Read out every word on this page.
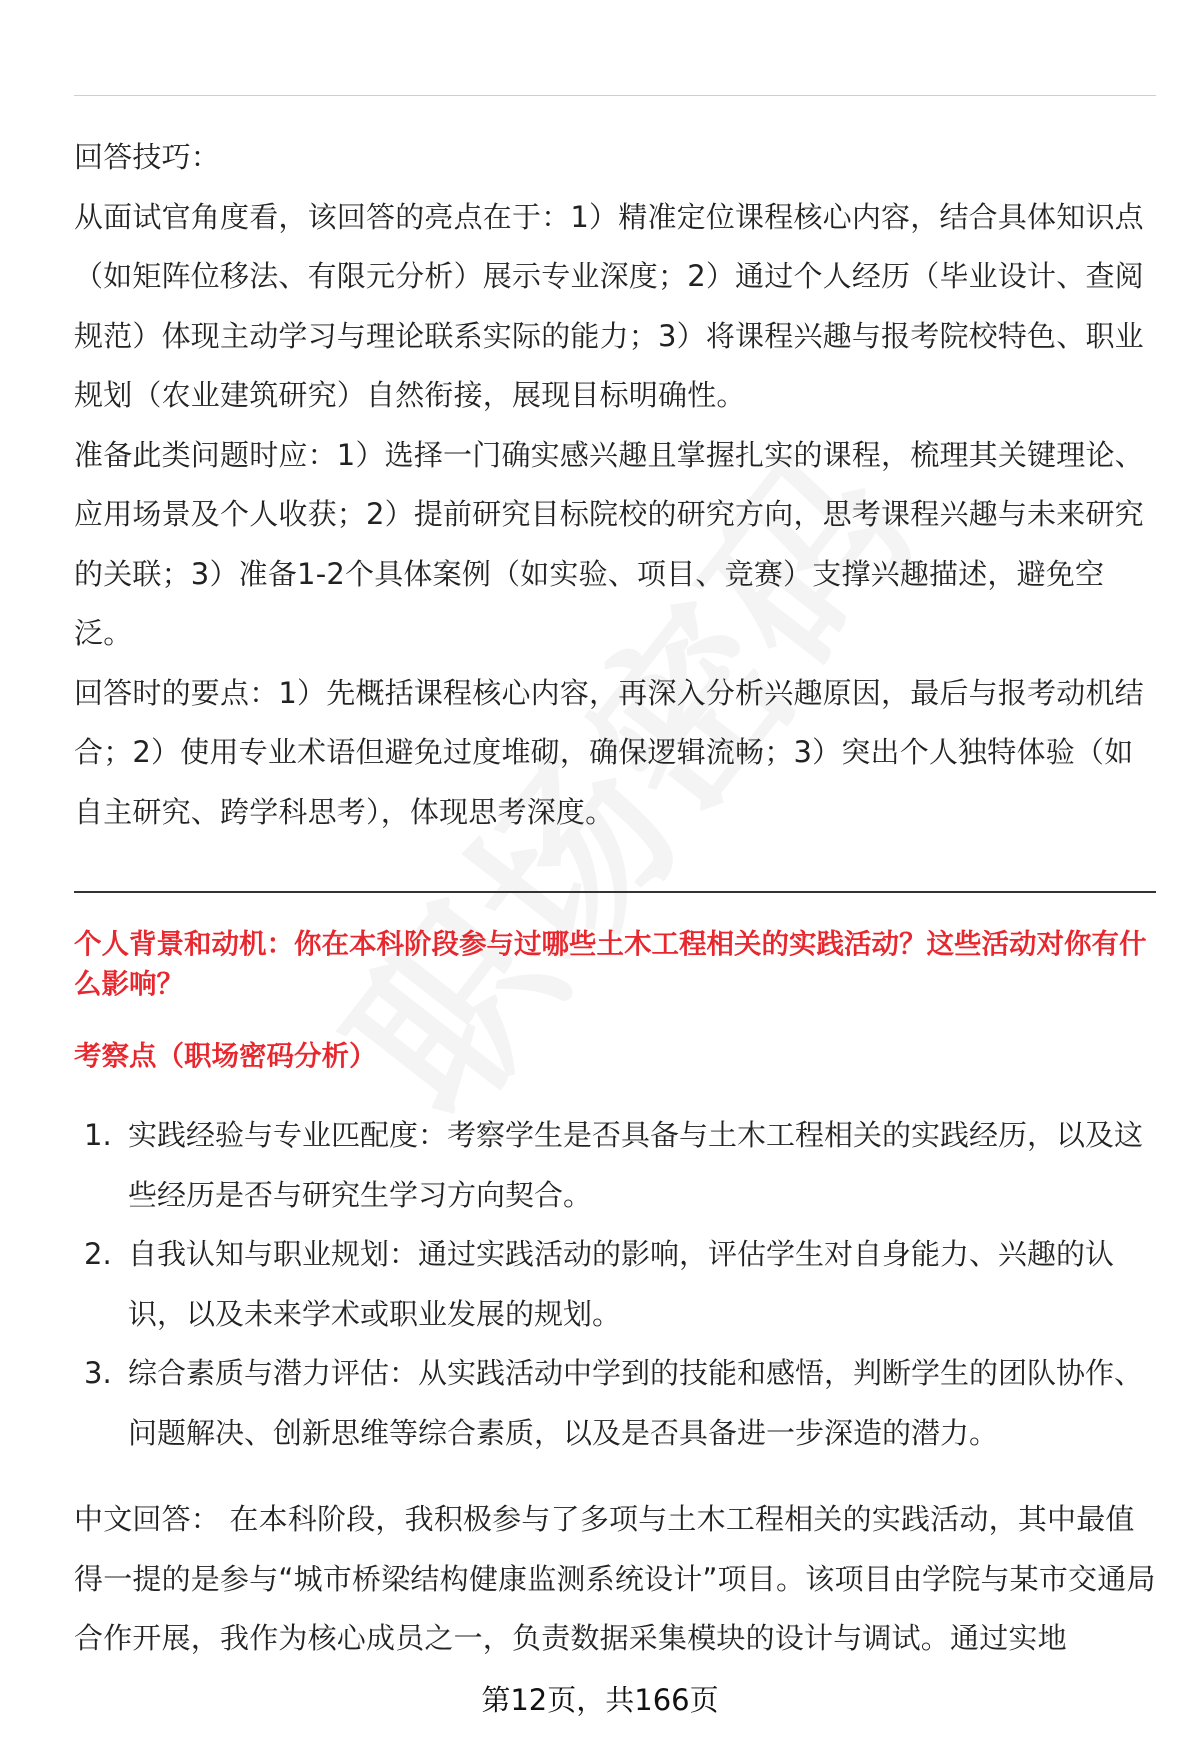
回答技巧：

从面试官角度看，该回答的亮点在于：1）精准定位课程核心内容，结合具体知识点（如矩阵位移法、有限元分析）展示专业深度；2）通过个人经历（毕业设计、查阅规范）体现主动学习与理论联系实际的能力；3）将课程兴趣与报考院校特色、职业规划（农业建筑研究）自然衔接，展现目标明确性。

准备此类问题时应：1）选择一门确实感兴趣且掌握扎实的课程，梳理其关键理论、应用场景及个人收获；2）提前研究目标院校的研究方向，思考课程兴趣与未来研究的关联；3）准备1-2个具体案例（如实验、项目、竞赛）支撑兴趣描述，避免空泛。

回答时的要点：1）先概括课程核心内容，再深入分析兴趣原因，最后与报考动机结合；2）使用专业术语但避免过度堆砌，确保逻辑流畅；3）突出个人独特体验（如自主研究、跨学科思考），体现思考深度。

个人背景和动机：你在本科阶段参与过哪些土木工程相关的实践活动？这些活动对你有什么影响？
考察点（职场密码分析）
1. 实践经验与专业匹配度：考察学生是否具备与土木工程相关的实践经历，以及这些经历是否与研究生学习方向契合。
2. 自我认知与职业规划：通过实践活动的影响，评估学生对自身能力、兴趣的认识，以及未来学术或职业发展的规划。
3. 综合素质与潜力评估：从实践活动中学到的技能和感悟，判断学生的团队协作、问题解决、创新思维等综合素质，以及是否具备进一步深造的潜力。

中文回答： 在本科阶段，我积极参与了多项与土木工程相关的实践活动，其中最值得一提的是参与“城市桥梁结构健康监测系统设计”项目。该项目由学院与某市交通局合作开展，我作为核心成员之一，负责数据采集模块的设计与调试。通过实地

第12页，共166页
